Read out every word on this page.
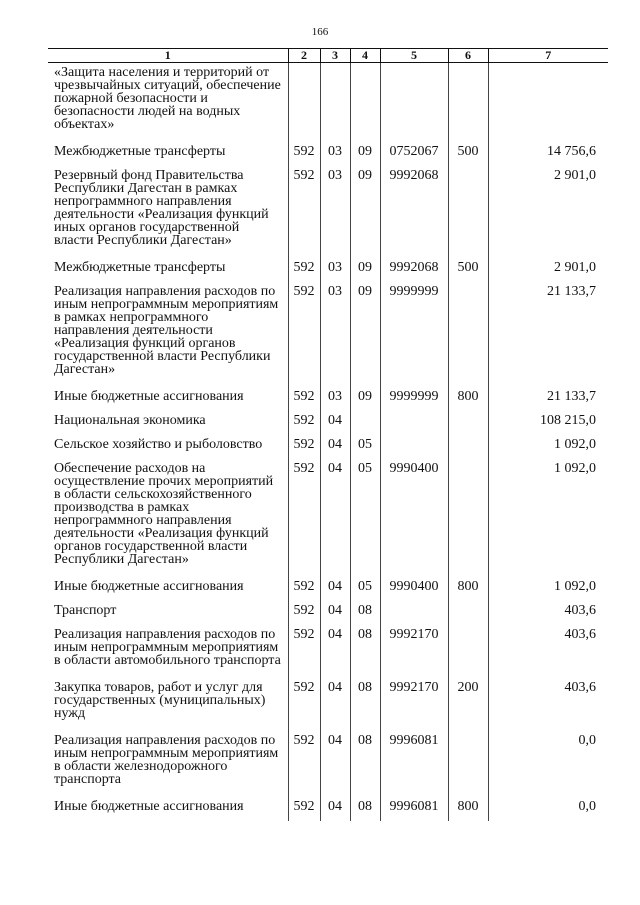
166
1	2	3	4	5	6	7
«Защита населения и территорий от чрезвычайных ситуаций, обеспечение пожарной безопасности и безопасности людей на водных объектах»						
Межбюджетные трансферты	592	03	09	0752067	500	14 756,6
Резервный фонд Правительства Республики Дагестан в рамках непрограммного направления деятельности «Реализация функций иных органов государственной власти Республики Дагестан»	592	03	09	9992068		2 901,0
Межбюджетные трансферты	592	03	09	9992068	500	2 901,0
Реализация направления расходов по иным непрограммным мероприятиям в рамках непрограммного направления деятельности «Реализация функций органов государственной власти Республики Дагестан»	592	03	09	9999999		21 133,7
Иные бюджетные ассигнования	592	03	09	9999999	800	21 133,7
Национальная экономика	592	04				108 215,0
Сельское хозяйство и рыболовство	592	04	05			1 092,0
Обеспечение расходов на осуществление прочих мероприятий в области сельскохозяйственного производства в рамках непрограммного направления деятельности «Реализация функций органов государственной власти Республики Дагестан»	592	04	05	9990400		1 092,0
Иные бюджетные ассигнования	592	04	05	9990400	800	1 092,0
Транспорт	592	04	08			403,6
Реализация направления расходов по иным непрограммным мероприятиям в области автомобильного транспорта	592	04	08	9992170		403,6
Закупка товаров, работ и услуг для государственных (муниципальных) нужд	592	04	08	9992170	200	403,6
Реализация направления расходов по иным непрограммным мероприятиям в области железнодорожного транспорта	592	04	08	9996081		0,0
Иные бюджетные ассигнования	592	04	08	9996081	800	0,0
